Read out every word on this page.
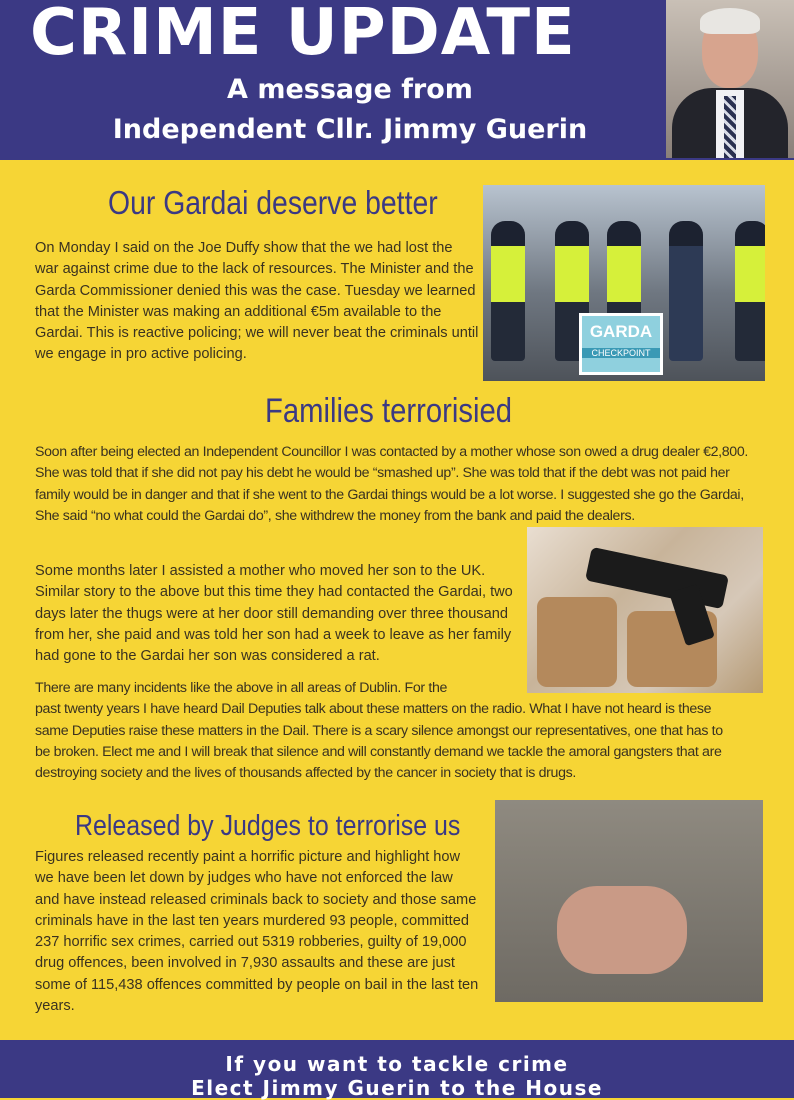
CRIME UPDATE
A message from
Independent Cllr. Jimmy Guerin
Our Gardai deserve better
GARDA
CHECKPOINT

On Monday I said on the Joe Duffy show that the we had lost the war against crime due to the lack of resources. The Minister and the Garda Commissioner denied this was the case. Tuesday we learned that the Minister was making an additional €5m available to the Gardai. This is reactive policing; we will never beat the criminals until we engage in pro active policing.

Families terrorisied

Soon after being elected an Independent Councillor I was contacted by a mother whose son owed a drug dealer €2,800. She was told that if she did not pay his debt he would be “smashed up”. She was told that if the debt was not paid her family would be in danger and that if she went to the Gardai things would be a lot worse. I suggested she go the Gardai, She said “no what could the Gardai do”, she withdrew the money from the bank and paid the dealers.

Some months later I assisted a mother who moved her son to the UK. Similar story to the above but this time they had contacted the Gardai, two days later the thugs were at her door still demanding over three thousand from her, she paid and was told her son had a week to leave as her family had gone to the Gardai her son was considered a rat.

There are many incidents like the above in all areas of Dublin. For the past twenty years I have heard Dail Deputies talk about these matters on the radio. What I have not heard is these same Deputies raise these matters in the Dail. There is a scary silence amongst our representatives, one that has to be broken. Elect me and I will break that silence and will constantly demand we tackle the amoral gangsters that are destroying society and the lives of thousands affected by the cancer in society that is drugs.

Released by Judges to terrorise us

Figures released recently paint a horrific picture and highlight how we have been let down by judges who have not enforced the law and have instead released criminals back to society and those same criminals have in the last ten years murdered 93 people, committed 237 horrific sex crimes, carried out 5319 robberies, guilty of 19,000 drug offences, been involved in 7,930 assaults and these are just some of 115,438 offences committed by people on bail in the last ten years.

If you want to tackle crime
Elect Jimmy Guerin to the House
